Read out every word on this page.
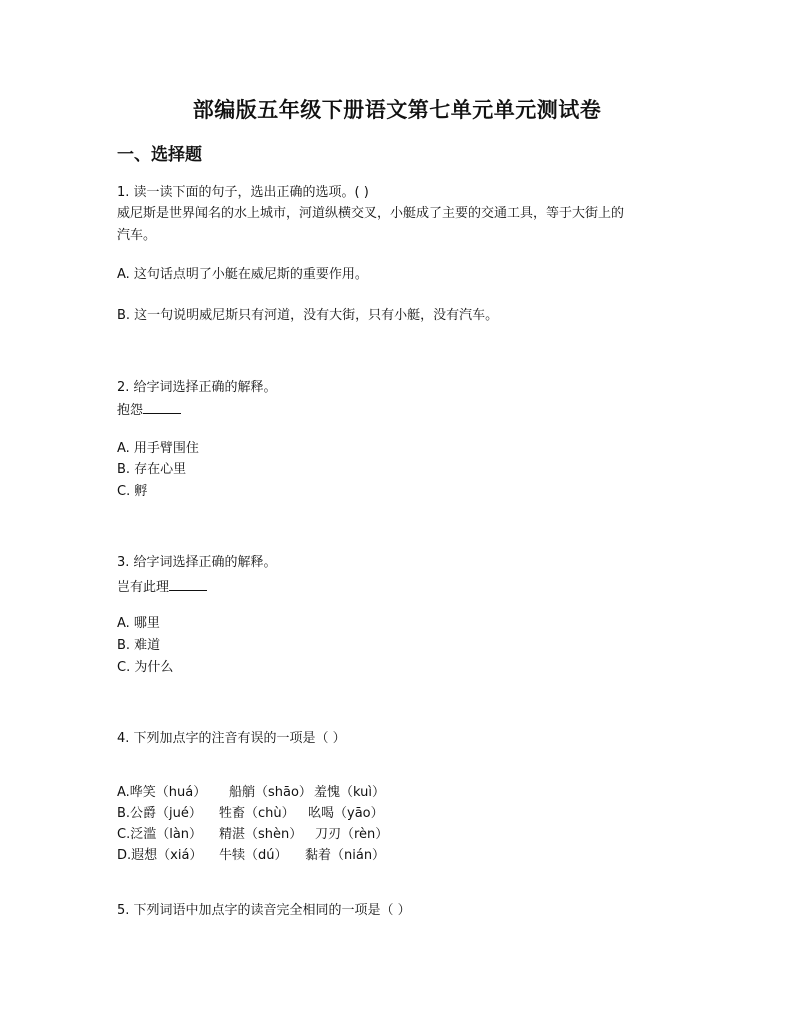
部编版五年级下册语文第七单元单元测试卷
一、选择题
1. 读一读下面的句子，选出正确的选项。( )
威尼斯是世界闻名的水上城市，河道纵横交叉，小艇成了主要的交通工具，等于大街上的
汽车。
A. 这句话点明了小艇在威尼斯的重要作用。
B. 这一句说明威尼斯只有河道，没有大街，只有小艇，没有汽车。
2. 给字词选择正确的解释。
抱怨
A. 用手臂围住
B. 存在心里
C. 孵
3. 给字词选择正确的解释。
岂有此理
A. 哪里
B. 难道
C. 为什么
4. 下列加点字的注音有误的一项是（ ）
A.哗笑（huá） 船艄（shāo） 羞愧（kuì）
B.公爵（jué） 牲畜（chù） 吆喝（yāo）
C.泛滥（làn） 精湛（shèn） 刀刃（rèn）
D.遐想（xiá） 牛犊（dú） 黏着（nián）
5. 下列词语中加点字的读音完全相同的一项是（ ）
